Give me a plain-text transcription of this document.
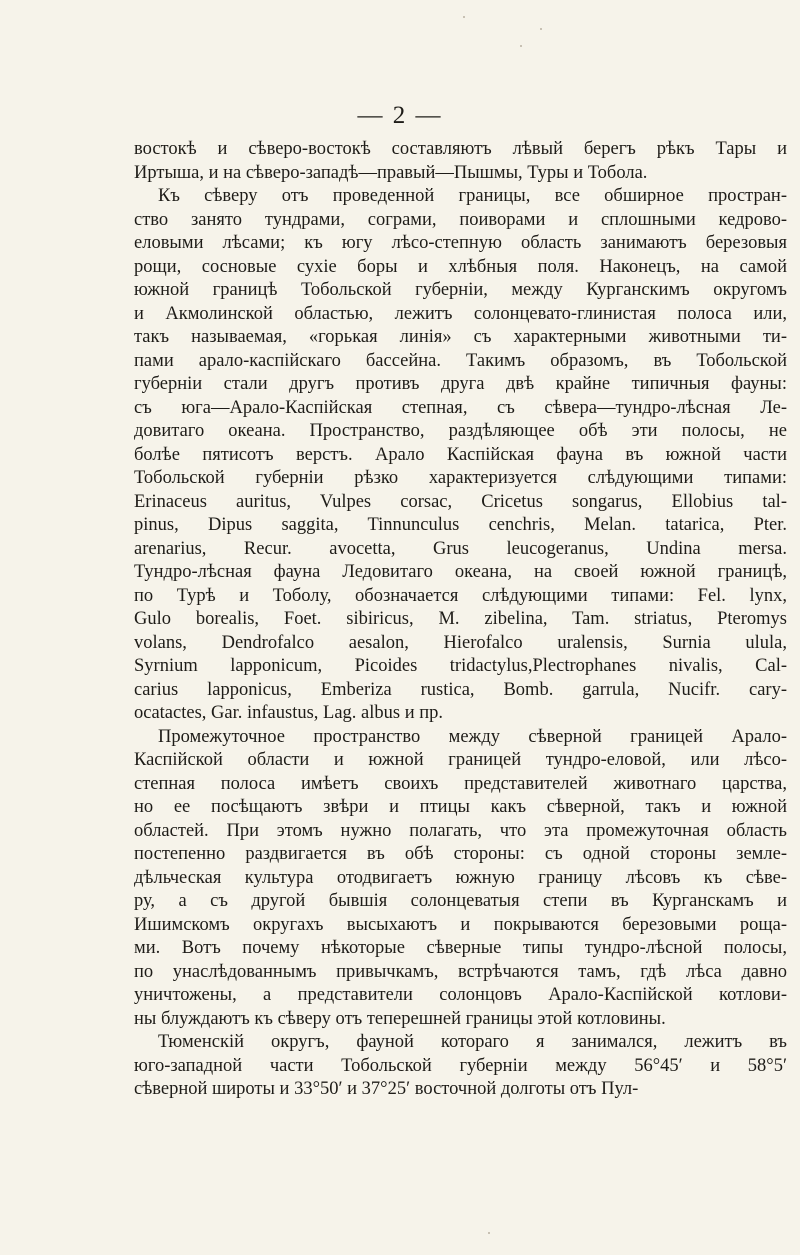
— 2 —
востокѣ и сѣверо-востокѣ составляютъ лѣвый берегъ рѣкъ Тары и
Иртыша, и на сѣверо-западѣ—правый—Пышмы, Туры и Тобола.
Къ сѣверу отъ проведенной границы, все обширное простран-
ство занято тундрами, сограми, поиворами и сплошными кедрово-
еловыми лѣсами; къ югу лѣсо-степную область занимаютъ березовыя
рощи, сосновые сухіе боры и хлѣбныя поля. Наконецъ, на самой
южной границѣ Тобольской губерніи, между Курганскимъ округомъ
и Акмолинской областью, лежитъ солонцевато-глинистая полоса или,
такъ называемая, «горькая линія» съ характерными животными ти-
пами арало-каспійскаго бассейна. Такимъ образомъ, въ Тобольской
губерніи стали другъ противъ друга двѣ крайне типичныя фауны:
съ юга—Арало-Каспійская степная, съ сѣвера—тундро-лѣсная Ле-
довитаго океана. Пространство, раздѣляющее обѣ эти полосы, не
болѣе пятисотъ верстъ. Арало Каспійская фауна въ южной части
Тобольской губерніи рѣзко характеризуется слѣдующими типами:
Erinaceus auritus, Vulpes corsac, Cricetus songarus, Ellobius tal-
pinus, Dipus saggita, Tinnunculus cenchris, Melan. tatarica, Pter.
arenarius, Recur. avocetta, Grus leucogeranus, Undina mersa.
Тундро-лѣсная фауна Ледовитаго океана, на своей южной границѣ,
по Турѣ и Тоболу, обозначается слѣдующими типами: Fel. lynx,
Gulo borealis, Foet. sibiricus, M. zibelina, Tam. striatus, Pteromys
volans, Dendrofalco aesalon, Hierofalco uralensis, Surnia ulula,
Syrnium lapponicum, Picoides tridactylus,Plectrophanes nivalis, Cal-
carius lapponicus, Emberiza rustica, Bomb. garrula, Nucifr. cary-
ocatactes, Gar. infaustus, Lag. albus и пр.
Промежуточное пространство между сѣверной границей Арало-
Каспійской области и южной границей тундро-еловой, или лѣсо-
степная полоса имѣетъ своихъ представителей животнаго царства,
но ее посѣщаютъ звѣри и птицы какъ сѣверной, такъ и южной
областей. При этомъ нужно полагать, что эта промежуточная область
постепенно раздвигается въ обѣ стороны: съ одной стороны земле-
дѣльческая культура отодвигаетъ южную границу лѣсовъ къ сѣве-
ру, а съ другой бывшія солонцеватыя степи въ Курганскамъ и
Ишимскомъ округахъ высыхаютъ и покрываются березовыми роща-
ми. Вотъ почему нѣкоторые сѣверные типы тундро-лѣсной полосы,
по унаслѣдованнымъ привычкамъ, встрѣчаются тамъ, гдѣ лѣса давно
уничтожены, а представители солонцовъ Арало-Каспійской котлови-
ны блуждаютъ къ сѣверу отъ теперешней границы этой котловины.
Тюменскій округъ, фауной котораго я занимался, лежитъ въ
юго-западной части Тобольской губерніи между 56°45′ и 58°5′
сѣверной широты и 33°50′ и 37°25′ восточной долготы отъ Пул-
